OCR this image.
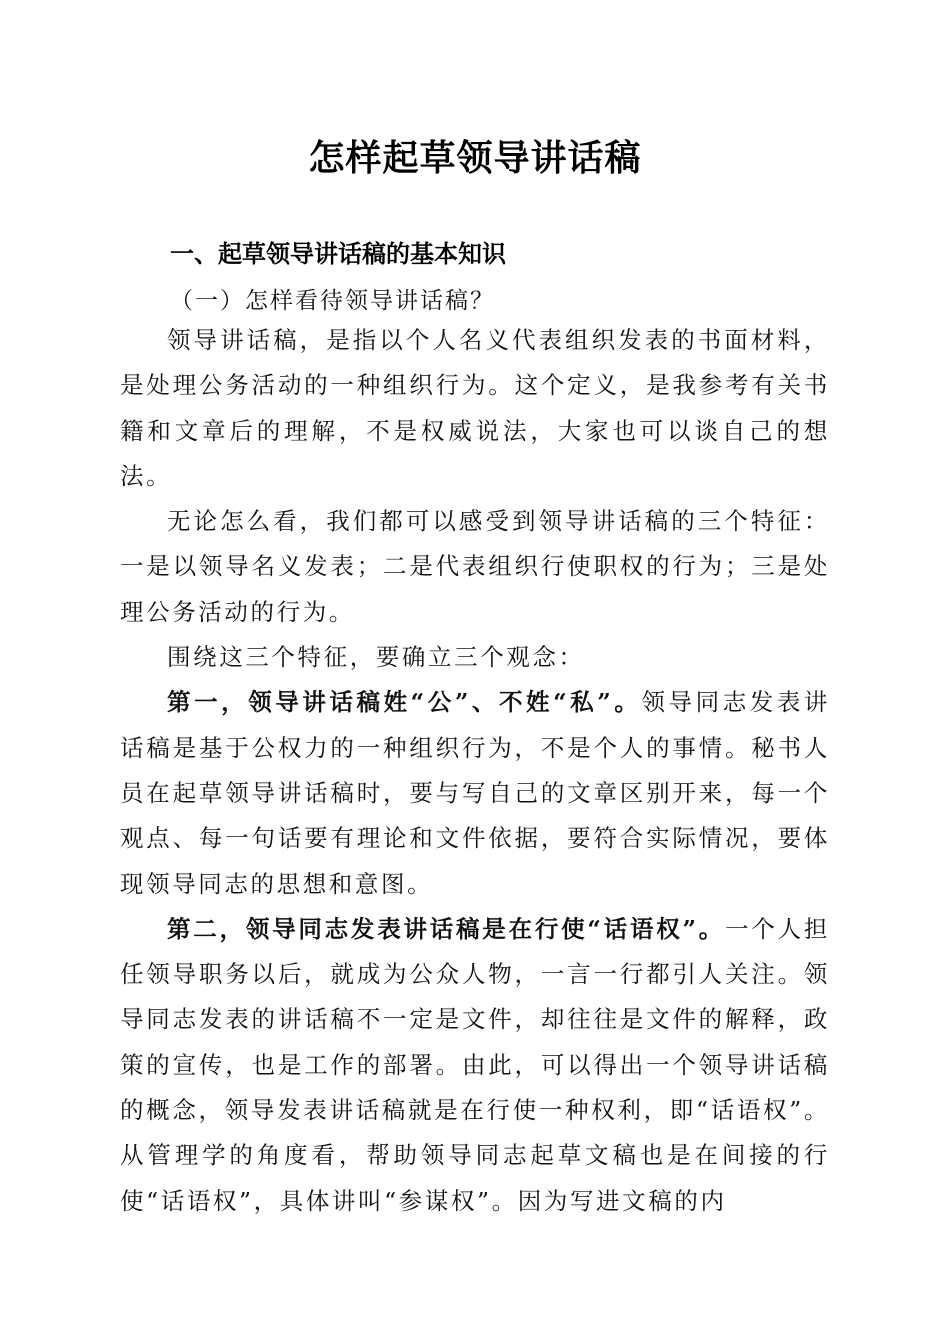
怎样起草领导讲话稿
一、起草领导讲话稿的基本知识
（一）怎样看待领导讲话稿？

领导讲话稿，是指以个人名义代表组织发表的书面材料，是处理公务活动的一种组织行为。这个定义，是我参考有关书籍和文章后的理解，不是权威说法，大家也可以谈自己的想法。

无论怎么看，我们都可以感受到领导讲话稿的三个特征：一是以领导名义发表；二是代表组织行使职权的行为；三是处理公务活动的行为。

围绕这三个特征，要确立三个观念：

第一，领导讲话稿姓“公”、不姓“私”。领导同志发表讲话稿是基于公权力的一种组织行为，不是个人的事情。秘书人员在起草领导讲话稿时，要与写自己的文章区别开来，每一个观点、每一句话要有理论和文件依据，要符合实际情况，要体现领导同志的思想和意图。

第二，领导同志发表讲话稿是在行使“话语权”。一个人担任领导职务以后，就成为公众人物，一言一行都引人关注。领导同志发表的讲话稿不一定是文件，却往往是文件的解释，政策的宣传，也是工作的部署。由此，可以得出一个领导讲话稿的概念，领导发表讲话稿就是在行使一种权利，即“话语权”。从管理学的角度看，帮助领导同志起草文稿也是在间接的行使“话语权”，具体讲叫“参谋权”。因为写进文稿的内
